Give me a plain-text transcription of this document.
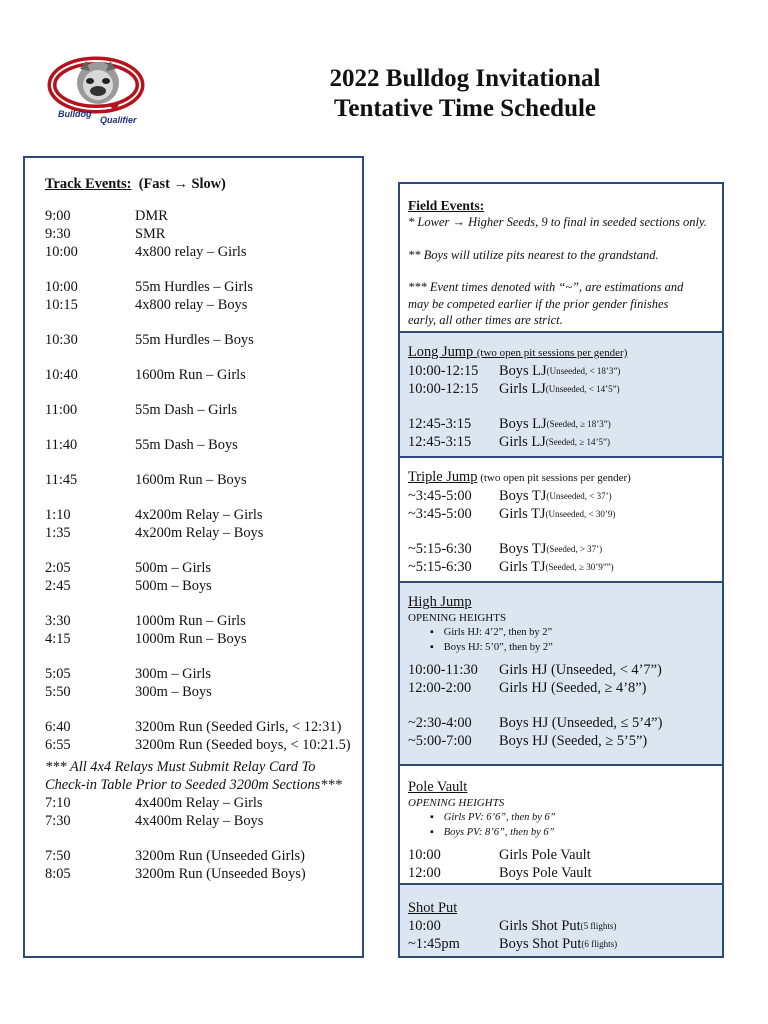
Bulldog
Qualifier
2022 Bulldog Invitational
Tentative Time Schedule
Track Events: (Fast → Slow)
9:00	DMR
9:30	SMR
10:00	4x800 relay – Girls
10:00	55m Hurdles – Girls
10:15	4x800 relay – Boys
10:30	55m Hurdles – Boys
10:40	1600m Run – Girls
11:00	55m Dash – Girls
11:40	55m Dash – Boys
11:45	1600m Run – Boys
1:10	4x200m Relay – Girls
1:35	4x200m Relay – Boys
2:05	500m – Girls
2:45	500m – Boys
3:30	1000m Run – Girls
4:15	1000m Run – Boys
5:05	300m – Girls
5:50	300m – Boys
6:40	3200m Run (Seeded Girls, < 12:31)
6:55	3200m Run (Seeded boys, < 10:21.5)
*** All 4x4 Relays Must Submit Relay Card To
Check-in Table Prior to Seeded 3200m Sections***
7:10	4x400m Relay – Girls
7:30	4x400m Relay – Boys
7:50	3200m Run (Unseeded Girls)
8:05	3200m Run (Unseeded Boys)
Field Events:
* Lower → Higher Seeds, 9 to final in seeded sections only.
** Boys will utilize pits nearest to the grandstand.
*** Event times denoted with “~”, are estimations and
may be competed earlier if the prior gender finishes
early, all other times are strict.
Long Jump (two open pit sessions per gender)
10:00-12:15	Boys LJ (Unseeded, < 18’3”)
10:00-12:15	Girls LJ (Unseeded, < 14’5”)
12:45-3:15	Boys LJ (Seeded, ≥ 18’3”)
12:45-3:15	Girls LJ (Seeded, ≥ 14’5”)
Triple Jump (two open pit sessions per gender)
~3:45-5:00	Boys TJ (Unseeded, < 37’)
~3:45-5:00	Girls TJ (Unseeded, < 30’9)
~5:15-6:30	Boys TJ (Seeded, > 37’)
~5:15-6:30	Girls TJ (Seeded, ≥ 30’9””)
High Jump
OPENING HEIGHTS
▪ Girls HJ: 4’2”, then by 2”
▪ Boys HJ: 5’0”, then by 2”
10:00-11:30	Girls HJ (Unseeded, < 4’7”)
12:00-2:00	Girls HJ (Seeded, ≥ 4’8”)
~2:30-4:00	Boys HJ (Unseeded, ≤ 5’4”)
~5:00-7:00	Boys HJ (Seeded, ≥ 5’5”)
Pole Vault
OPENING HEIGHTS
▪ Girls PV: 6’6”, then by 6”
▪ Boys PV: 8’6”, then by 6”
10:00	Girls Pole Vault
12:00	Boys Pole Vault
Shot Put
10:00	Girls Shot Put (5 flights)
~1:45pm	Boys Shot Put (6 flights)
